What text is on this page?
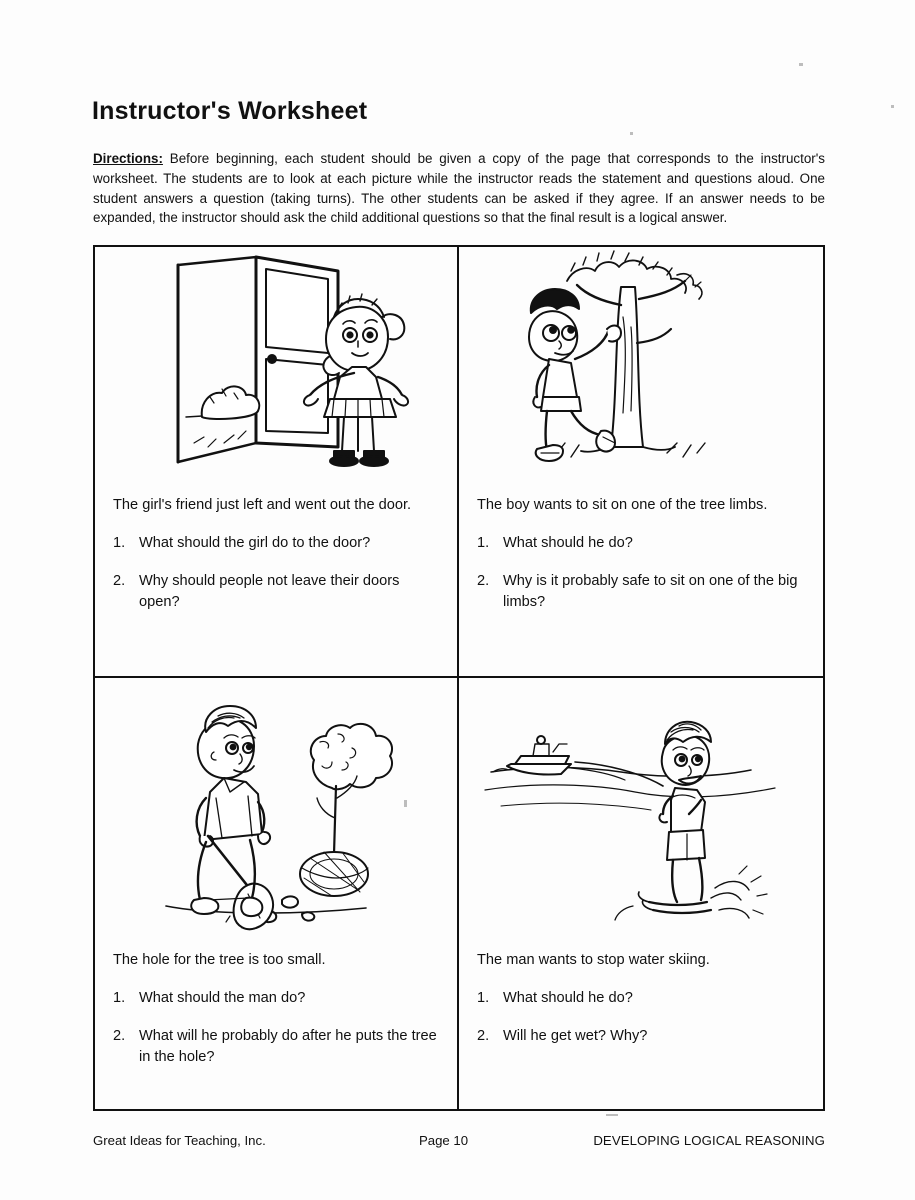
Instructor's Worksheet

Directions: Before beginning, each student should be given a copy of the page that corresponds to the instructor's worksheet. The students are to look at each picture while the instructor reads the statement and questions aloud. One student answers a question (taking turns). The other students can be asked if they agree. If an answer needs to be expanded, the instructor should ask the child additional questions so that the final result is a logical answer.

The girl's friend just left and went out the door.

1. What should the girl do to the door?
2. Why should people not leave their doors open?

The boy wants to sit on one of the tree limbs.

1. What should he do?
2. Why is it probably safe to sit on one of the big limbs?

The hole for the tree is too small.

1. What should the man do?
2. What will he probably do after he puts the tree in the hole?

The man wants to stop water skiing.

1. What should he do?
2. Will he get wet? Why?
Great Ideas for Teaching, Inc.	Page 10	DEVELOPING LOGICAL REASONING
